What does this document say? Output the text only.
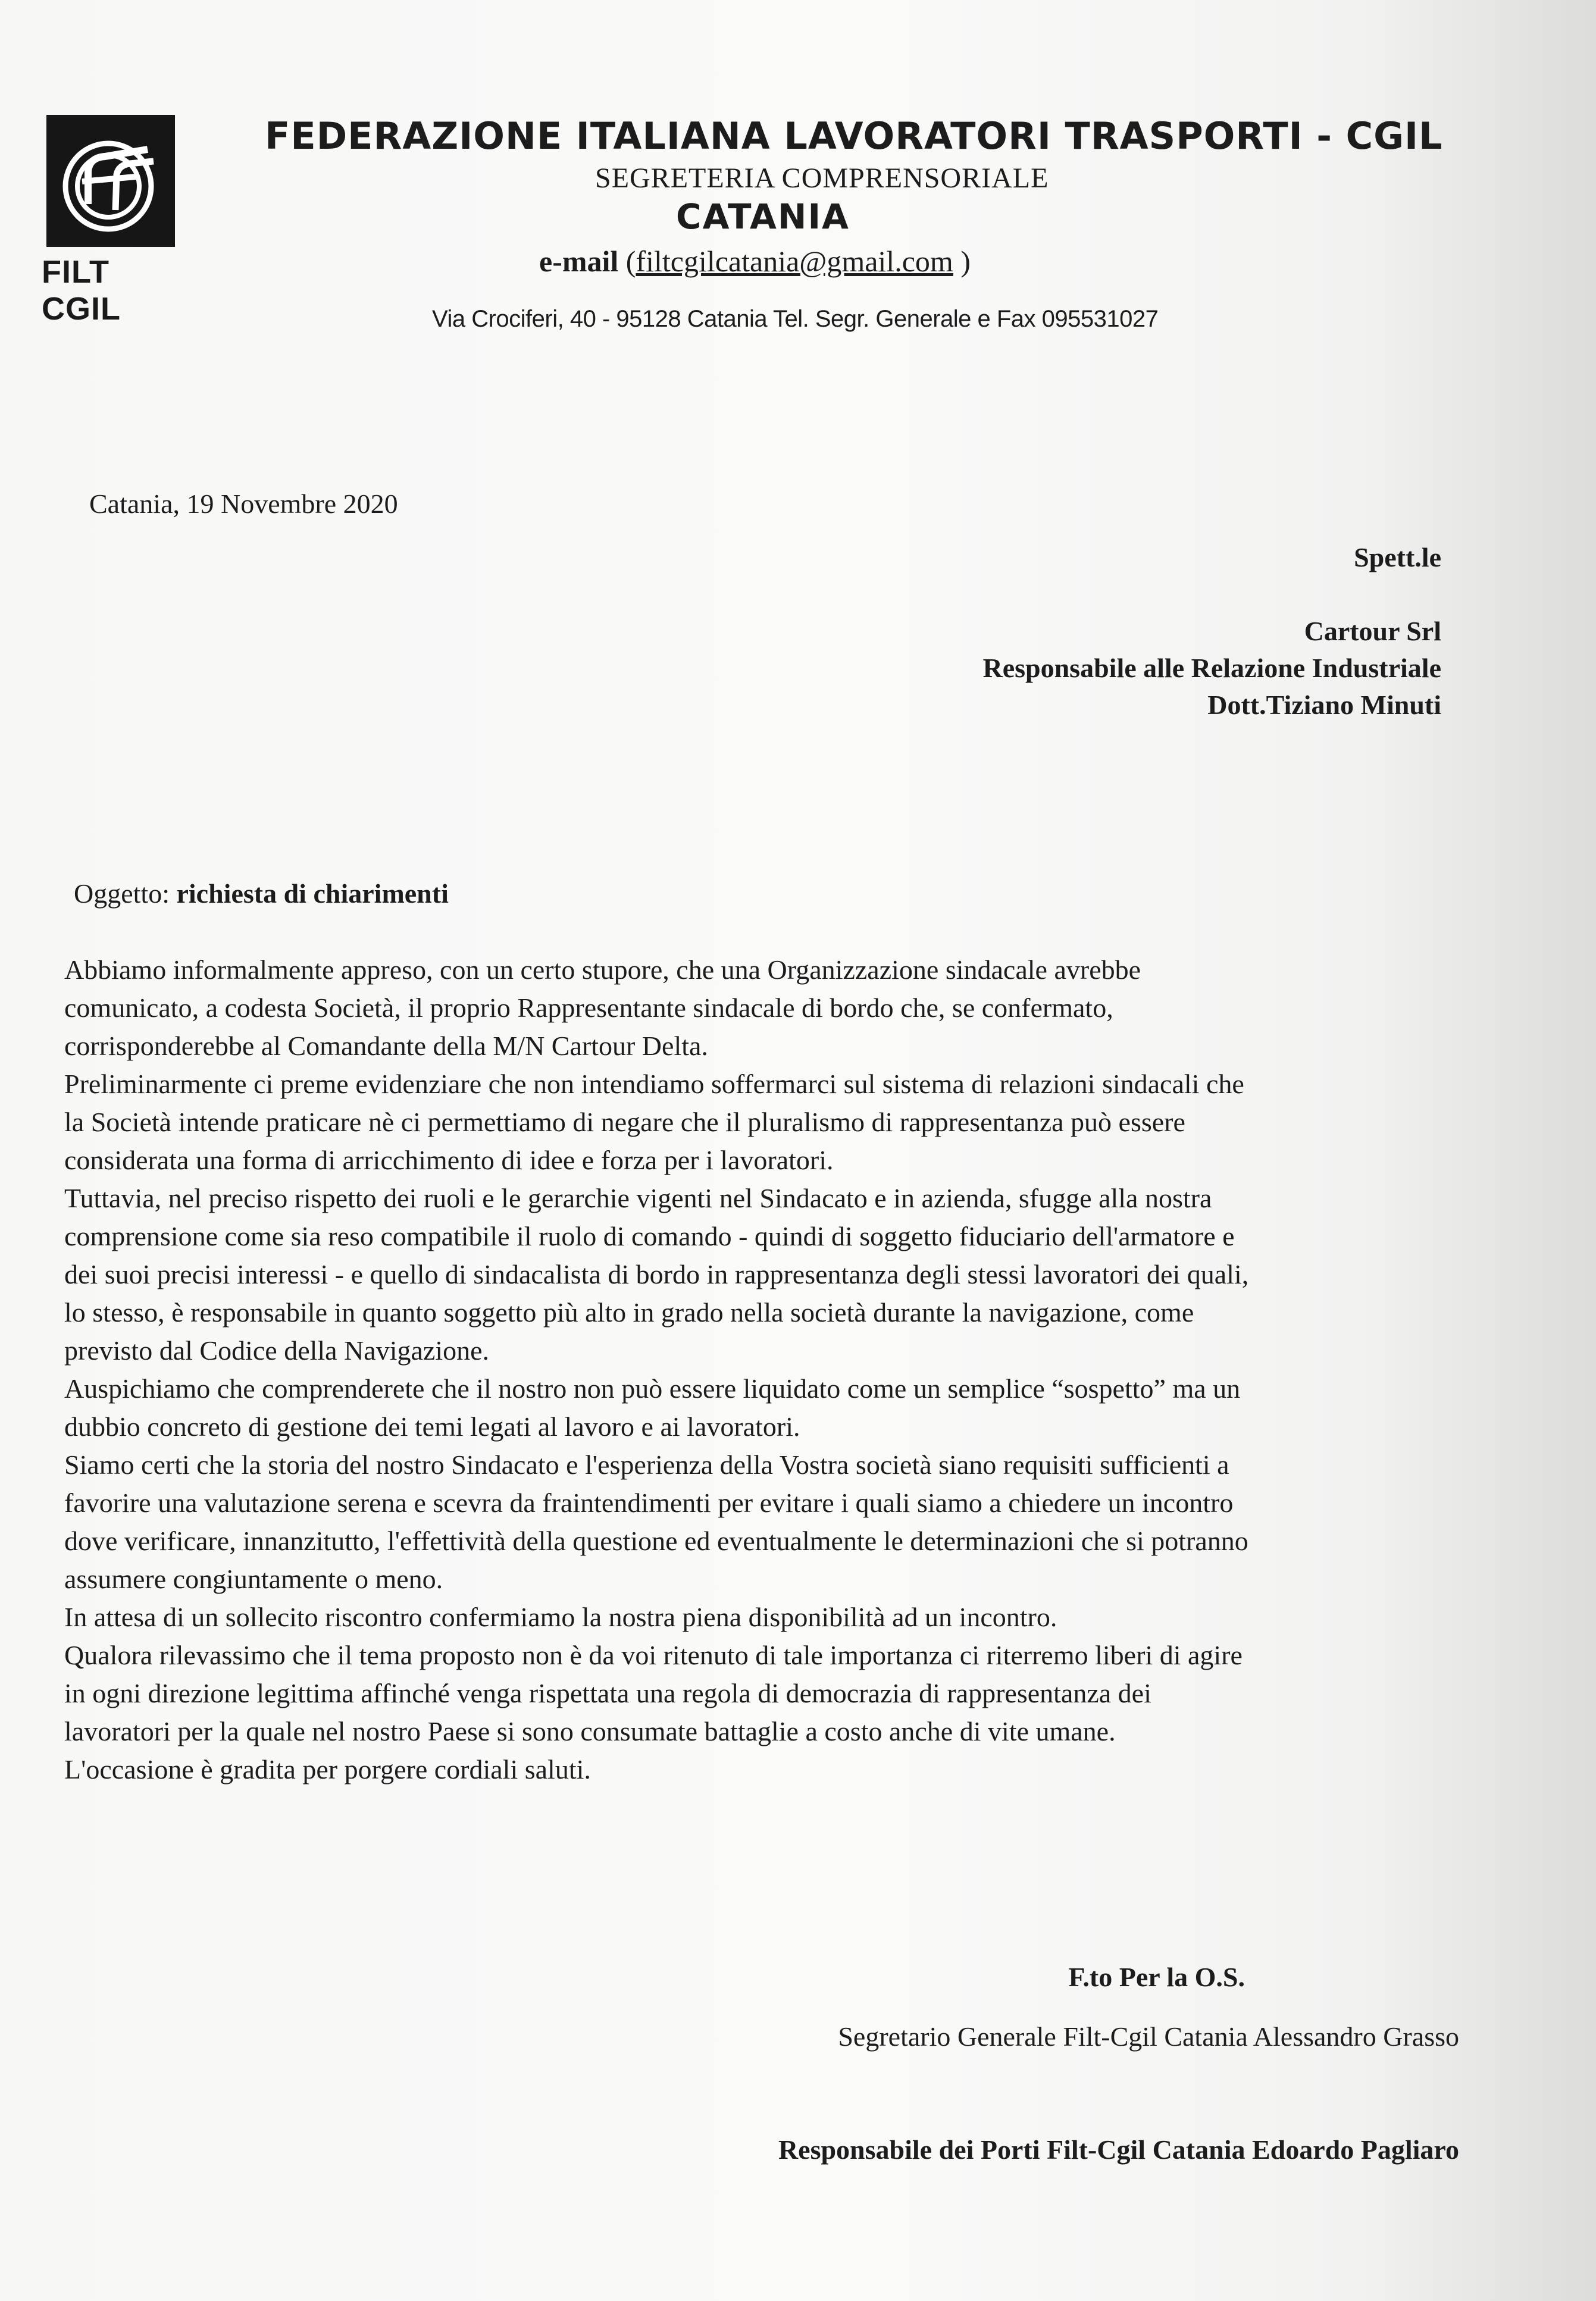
FILT CGIL
FEDERAZIONE ITALIANA LAVORATORI TRASPORTI - CGIL
SEGRETERIA COMPRENSORIALE
CATANIA
e-mail (filtcgilcatania@gmail.com )
Via Crociferi, 40 - 95128 Catania Tel. Segr. Generale e Fax 095531027
Catania, 19 Novembre 2020
Spett.le
Cartour Srl
Responsabile alle Relazione Industriale
Dott.Tiziano Minuti
Oggetto: richiesta di chiarimenti
Abbiamo informalmente appreso, con un certo stupore, che una Organizzazione sindacale avrebbe
comunicato, a codesta Società, il proprio Rappresentante sindacale di bordo che, se confermato,
corrisponderebbe al Comandante della M/N Cartour Delta.
Preliminarmente ci preme evidenziare che non intendiamo soffermarci sul sistema di relazioni sindacali che
la Società intende praticare nè ci permettiamo di negare che il pluralismo di rappresentanza può essere
considerata una forma di arricchimento di idee e forza per i lavoratori.
Tuttavia, nel preciso rispetto dei ruoli e le gerarchie vigenti nel Sindacato e in azienda, sfugge alla nostra
comprensione come sia reso compatibile il ruolo di comando - quindi di soggetto fiduciario dell'armatore e
dei suoi precisi interessi - e quello di sindacalista di bordo in rappresentanza degli stessi lavoratori dei quali,
lo stesso, è responsabile in quanto soggetto più alto in grado nella società durante la navigazione, come
previsto dal Codice della Navigazione.
Auspichiamo che comprenderete che il nostro non può essere liquidato come un semplice “sospetto” ma un
dubbio concreto di gestione dei temi legati al lavoro e ai lavoratori.
Siamo certi che la storia del nostro Sindacato e l'esperienza della Vostra società siano requisiti sufficienti a
favorire una valutazione serena e scevra da fraintendimenti per evitare i quali siamo a chiedere un incontro
dove verificare, innanzitutto, l'effettività della questione ed eventualmente le determinazioni che si potranno
assumere congiuntamente o meno.
In attesa di un sollecito riscontro confermiamo la nostra piena disponibilità ad un incontro.
Qualora rilevassimo che il tema proposto non è da voi ritenuto di tale importanza ci riterremo liberi di agire
in ogni direzione legittima affinché venga rispettata una regola di democrazia di rappresentanza dei
lavoratori per la quale nel nostro Paese si sono consumate battaglie a costo anche di vite umane.
L'occasione è gradita per porgere cordiali saluti.
F.to Per la O.S.
Segretario Generale Filt-Cgil Catania Alessandro Grasso
Responsabile dei Porti Filt-Cgil Catania Edoardo Pagliaro
